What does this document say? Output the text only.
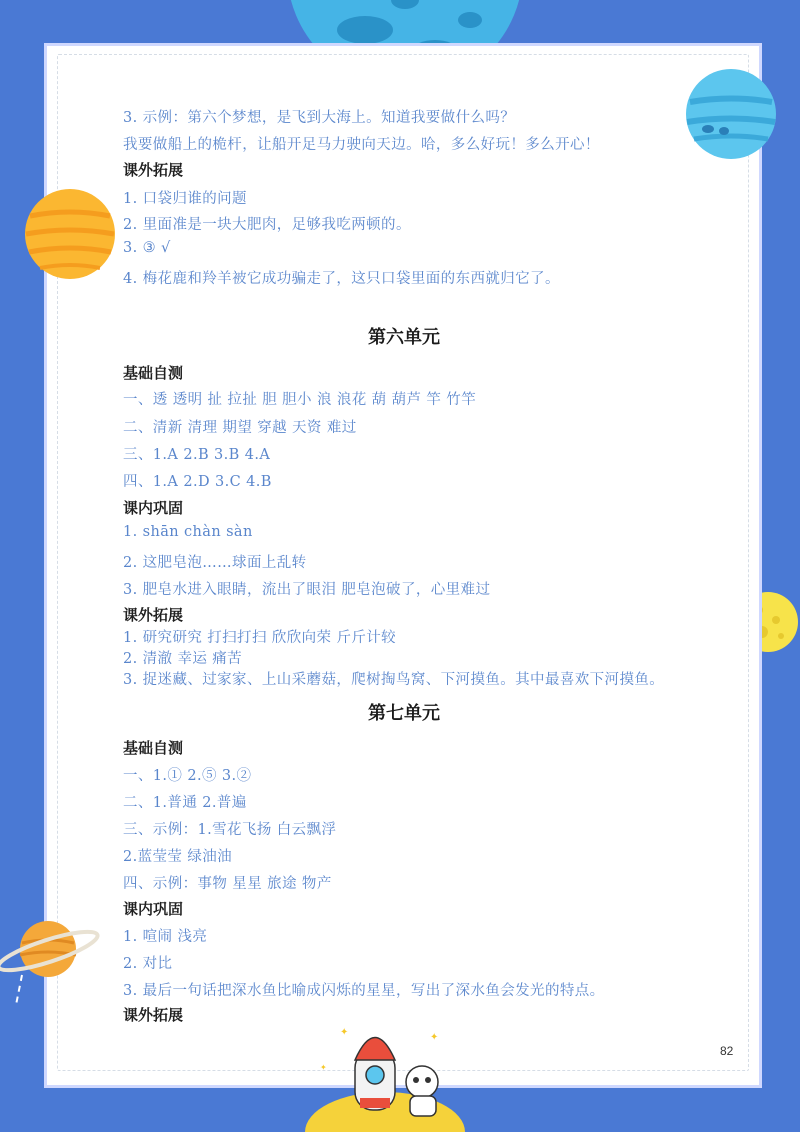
3. 示例：第六个梦想，是飞到大海上。知道我要做什么吗？
我要做船上的桅杆，让船开足马力驶向天边。哈，多么好玩！多么开心！
课外拓展
1. 口袋归谁的问题
2. 里面准是一块大肥肉，足够我吃两顿的。
3. ③ √
4. 梅花鹿和羚羊被它成功骗走了，这只口袋里面的东西就归它了。
第六单元
基础自测
一、透 透明 扯 拉扯 胆 胆小 浪 浪花 葫 葫芦 竿 竹竿
二、清新 清理 期望 穿越 天资 难过
三、1.A 2.B 3.B 4.A
四、1.A 2.D 3.C 4.B
课内巩固
1. shān chàn sàn
2. 这肥皂泡……球面上乱转
3. 肥皂水进入眼睛，流出了眼泪 肥皂泡破了，心里难过
课外拓展
1. 研究研究 打扫打扫 欣欣向荣 斤斤计较
2. 清澈 幸运 痛苦
3. 捉迷藏、过家家、上山采蘑菇，爬树掏鸟窝、下河摸鱼。其中最喜欢下河摸鱼。
第七单元
基础自测
一、1.① 2.⑤ 3.②
二、1.普通 2.普遍
三、示例：1.雪花飞扬 白云飘浮
2.蓝莹莹 绿油油
四、示例：事物 星星 旅途 物产
课内巩固
1. 喧闹 浅亮
2. 对比
3. 最后一句话把深水鱼比喻成闪烁的星星，写出了深水鱼会发光的特点。
课外拓展
82
✦	✦
✦
